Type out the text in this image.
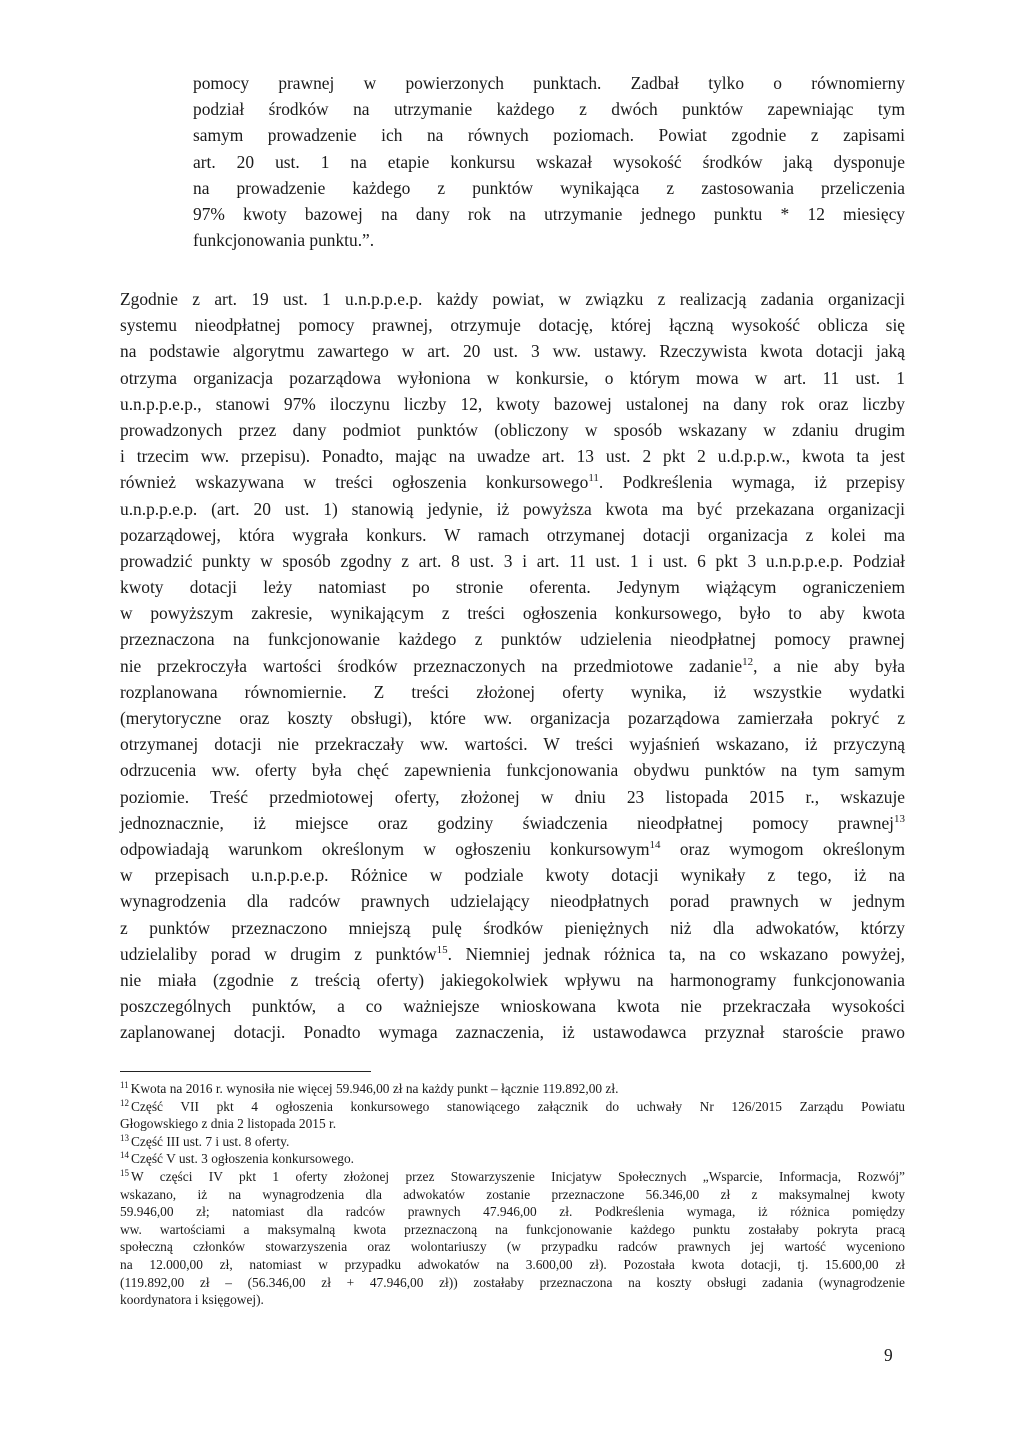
pomocy prawnej w powierzonych punktach. Zadbał tylko o równomierny
podział środków na utrzymanie każdego z dwóch punktów zapewniając tym
samym prowadzenie ich na równych poziomach. Powiat zgodnie z zapisami
art. 20 ust. 1 na etapie konkursu wskazał wysokość środków jaką dysponuje
na prowadzenie każdego z punktów wynikająca z zastosowania przeliczenia
97% kwoty bazowej na dany rok na utrzymanie jednego punktu * 12 miesięcy
funkcjonowania punktu.”.
Zgodnie z art. 19 ust. 1 u.n.p.p.e.p. każdy powiat, w związku z realizacją zadania organizacji
systemu nieodpłatnej pomocy prawnej, otrzymuje dotację, której łączną wysokość oblicza się
na podstawie algorytmu zawartego w art. 20 ust. 3 ww. ustawy. Rzeczywista kwota dotacji jaką
otrzyma organizacja pozarządowa wyłoniona w konkursie, o którym mowa w art. 11 ust. 1
u.n.p.p.e.p., stanowi 97% iloczynu liczby 12, kwoty bazowej ustalonej na dany rok oraz liczby
prowadzonych przez dany podmiot punktów (obliczony w sposób wskazany w zdaniu drugim
i trzecim ww. przepisu). Ponadto, mając na uwadze art. 13 ust. 2 pkt 2 u.d.p.p.w., kwota ta jest
również wskazywana w treści ogłoszenia konkursowego$^{11}$. Podkreślenia wymaga, iż przepisy
u.n.p.p.e.p. (art. 20 ust. 1) stanowią jedynie, iż powyższa kwota ma być przekazana organizacji
pozarządowej, która wygrała konkurs. W ramach otrzymanej dotacji organizacja z kolei ma
prowadzić punkty w sposób zgodny z art. 8 ust. 3 i art. 11 ust. 1 i ust. 6 pkt 3 u.n.p.p.e.p. Podział
kwoty dotacji leży natomiast po stronie oferenta. Jedynym wiążącym ograniczeniem
w powyższym zakresie, wynikającym z treści ogłoszenia konkursowego, było to aby kwota
przeznaczona na funkcjonowanie każdego z punktów udzielenia nieodpłatnej pomocy prawnej
nie przekroczyła wartości środków przeznaczonych na przedmiotowe zadanie$^{12}$, a nie aby była
rozplanowana równomiernie. Z treści złożonej oferty wynika, iż wszystkie wydatki
(merytoryczne oraz koszty obsługi), które ww. organizacja pozarządowa zamierzała pokryć z
otrzymanej dotacji nie przekraczały ww. wartości. W treści wyjaśnień wskazano, iż przyczyną
odrzucenia ww. oferty była chęć zapewnienia funkcjonowania obydwu punktów na tym samym
poziomie. Treść przedmiotowej oferty, złożonej w dniu 23 listopada 2015 r., wskazuje
jednoznacznie, iż miejsce oraz godziny świadczenia nieodpłatnej pomocy prawnej$^{13}$
odpowiadają warunkom określonym w ogłoszeniu konkursowym$^{14}$ oraz wymogom określonym
w przepisach u.n.p.p.e.p. Różnice w podziale kwoty dotacji wynikały z tego, iż na
wynagrodzenia dla radców prawnych udzielający nieodpłatnych porad prawnych w jednym
z punktów przeznaczono mniejszą pulę środków pieniężnych niż dla adwokatów, którzy
udzielaliby porad w drugim z punktów$^{15}$. Niemniej jednak różnica ta, na co wskazano powyżej,
nie miała (zgodnie z treścią oferty) jakiegokolwiek wpływu na harmonogramy funkcjonowania
poszczególnych punktów, a co ważniejsze wnioskowana kwota nie przekraczała wysokości
zaplanowanej dotacji. Ponadto wymaga zaznaczenia, iż ustawodawca przyznał staroście prawo
$^{11}$ Kwota na 2016 r. wynosiła nie więcej 59.946,00 zł na każdy punkt – łącznie 119.892,00 zł.
$^{12}$ Część VII pkt 4 ogłoszenia konkursowego stanowiącego załącznik do uchwały Nr 126/2015 Zarządu Powiatu
Głogowskiego z dnia 2 listopada 2015 r.
$^{13}$ Część III ust. 7 i ust. 8 oferty.
$^{14}$ Część V ust. 3 ogłoszenia konkursowego.
$^{15}$ W części IV pkt 1 oferty złożonej przez Stowarzyszenie Inicjatyw Społecznych „Wsparcie, Informacja, Rozwój”
wskazano, iż na wynagrodzenia dla adwokatów zostanie przeznaczone 56.346,00 zł z maksymalnej kwoty
59.946,00 zł; natomiast dla radców prawnych 47.946,00 zł. Podkreślenia wymaga, iż różnica pomiędzy
ww. wartościami a maksymalną kwota przeznaczoną na funkcjonowanie każdego punktu zostałaby pokryta pracą
społeczną członków stowarzyszenia oraz wolontariuszy (w przypadku radców prawnych jej wartość wyceniono
na 12.000,00 zł, natomiast w przypadku adwokatów na 3.600,00 zł). Pozostała kwota dotacji, tj. 15.600,00 zł
(119.892,00 zł – (56.346,00 zł + 47.946,00 zł)) zostałaby przeznaczona na koszty obsługi zadania (wynagrodzenie
koordynatora i księgowej).
9
